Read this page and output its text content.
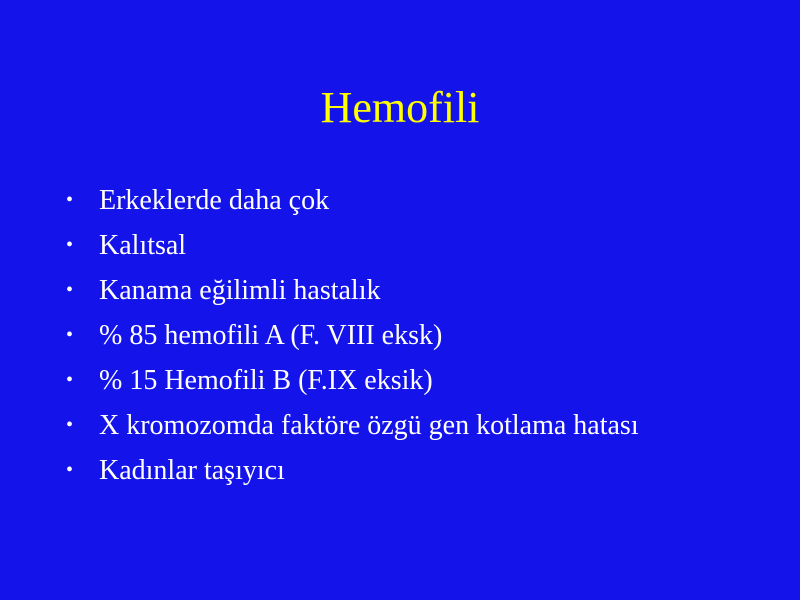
Hemofili
• Erkeklerde daha çok
• Kalıtsal
• Kanama eğilimli hastalık
• % 85 hemofili A (F. VIII eksk)
• % 15 Hemofili B (F.IX eksik)
• X kromozomda faktöre özgü gen kotlama hatası
• Kadınlar taşıyıcı
